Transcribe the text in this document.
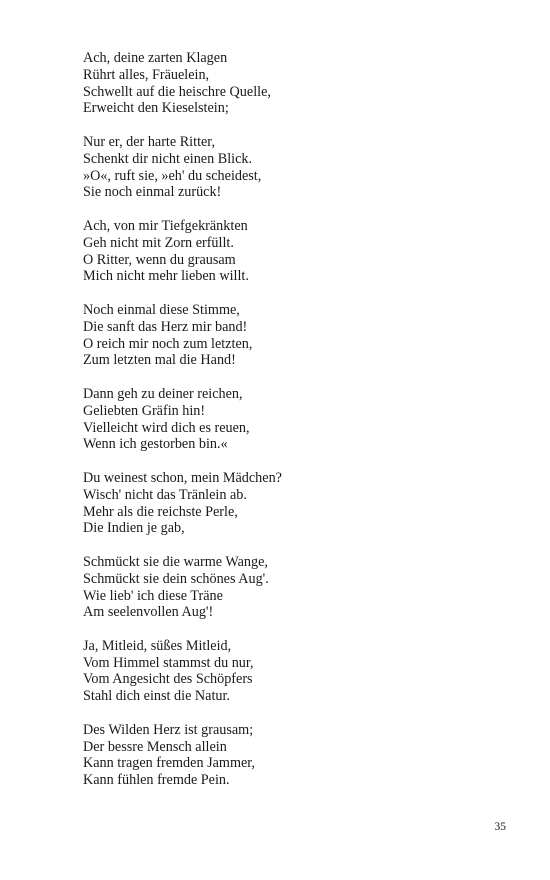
Ach, deine zarten Klagen
Rührt alles, Fräuelein,
Schwellt auf die heischre Quelle,
Erweicht den Kieselstein;
Nur er, der harte Ritter,
Schenkt dir nicht einen Blick.
»O«, ruft sie, »eh' du scheidest,
Sie noch einmal zurück!
Ach, von mir Tiefgekränkten
Geh nicht mit Zorn erfüllt.
O Ritter, wenn du grausam
Mich nicht mehr lieben willt.
Noch einmal diese Stimme,
Die sanft das Herz mir band!
O reich mir noch zum letzten,
Zum letzten mal die Hand!
Dann geh zu deiner reichen,
Geliebten Gräfin hin!
Vielleicht wird dich es reuen,
Wenn ich gestorben bin.«
Du weinest schon, mein Mädchen?
Wisch' nicht das Tränlein ab.
Mehr als die reichste Perle,
Die Indien je gab,
Schmückt sie die warme Wange,
Schmückt sie dein schönes Aug'.
Wie lieb' ich diese Träne
Am seelenvollen Aug'!
Ja, Mitleid, süßes Mitleid,
Vom Himmel stammst du nur,
Vom Angesicht des Schöpfers
Stahl dich einst die Natur.
Des Wilden Herz ist grausam;
Der bessre Mensch allein
Kann tragen fremden Jammer,
Kann fühlen fremde Pein.
35
